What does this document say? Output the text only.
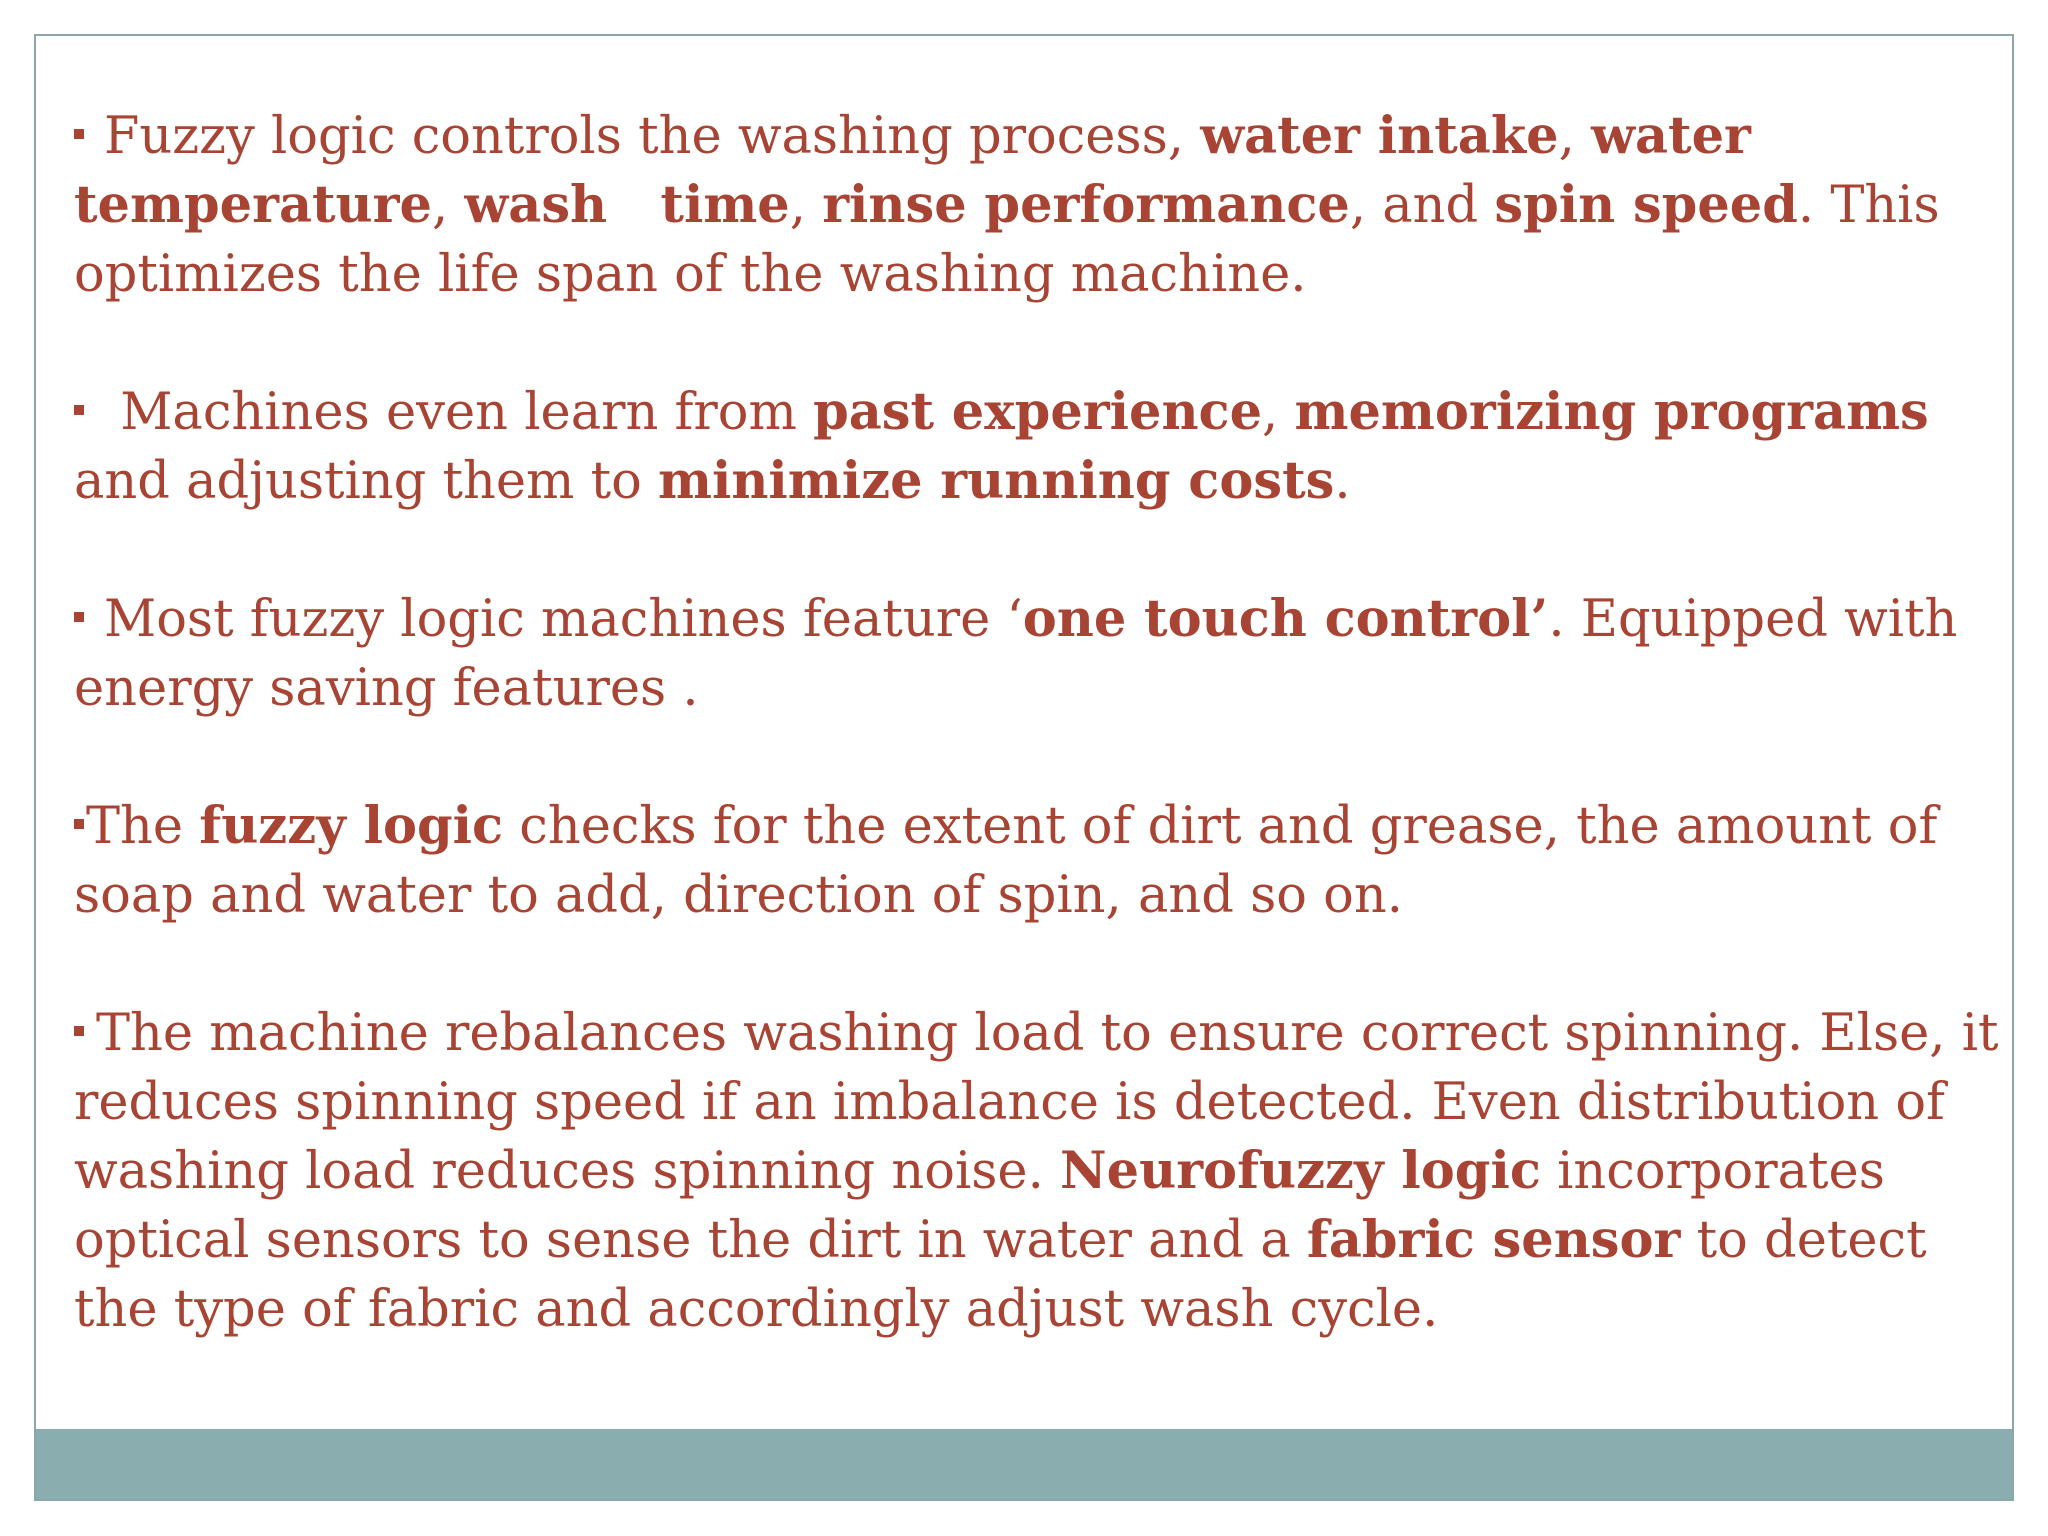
Fuzzy logic controls the washing process, water intake, water temperature, wash   time, rinse performance, and spin speed. This optimizes the life span of the washing machine.

Machines even learn from past experience, memorizing programs and adjusting them to minimize running costs.

Most fuzzy logic machines feature ‘one touch control’. Equipped with energy saving features .

The fuzzy logic checks for the extent of dirt and grease, the amount of soap and water to add, direction of spin, and so on.

The machine rebalances washing load to ensure correct spinning. Else, it reduces spinning speed if an imbalance is detected. Even distribution of washing load reduces spinning noise. Neurofuzzy logic incorporates optical sensors to sense the dirt in water and a fabric sensor to detect the type of fabric and accordingly adjust wash cycle.
